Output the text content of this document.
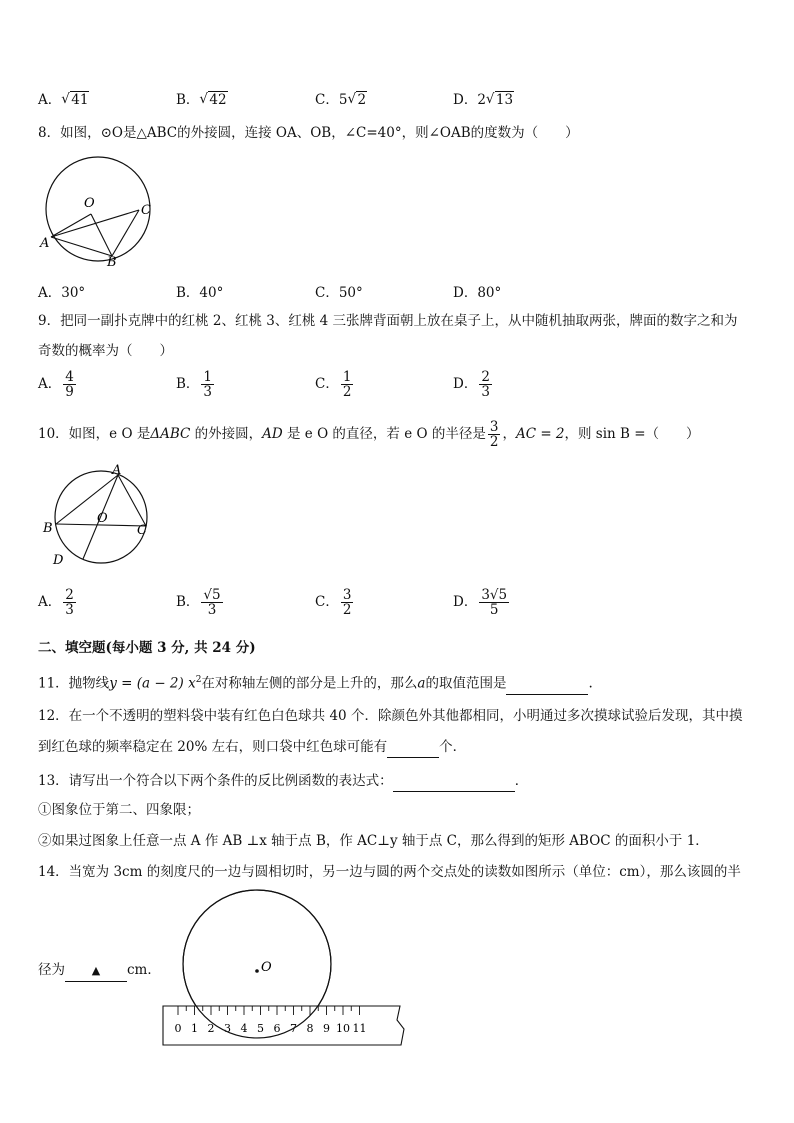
A． √ 41	B． √ 42	C．5 √ 2	D．2 √ 13
8．如图，⊙O是△ABC的外接圆，连接 OA、OB，∠C=40°，则∠OAB的度数为（　　）
O
A
B
C
A．30°	B．40°	C．50°	D．80°
9．把同一副扑克牌中的红桃 2、红桃 3、红桃 4 三张牌背面朝上放在桌子上，从中随机抽取两张，牌面的数字之和为
奇数的概率为（　　）
A． $\frac{4}{9}$	B． $\frac{1}{3}$	C． $\frac{1}{2}$	D． $\frac{2}{3}$
10．如图，e O 是ΔABC 的外接圆，AD 是 e O 的直径，若 e O 的半径是 $\frac{3}{2}$ ，AC = 2，则 sin B =（　　）
A
B	C
D
O
A． $\frac{2}{3}$	B． $\frac{√5}{3}$	C． $\frac{3}{2}$	D． $\frac{3√5}{5}$
二、填空题(每小题 3 分, 共 24 分)
11．抛物线y = (a − 2) $x^2$在对称轴左侧的部分是上升的，那么a的取值范围是	.
12．在一个不透明的塑料袋中装有红色白色球共 40 个．除颜色外其他都相同，小明通过多次摸球试验后发现，其中摸
到红色球的频率稳定在 20% 左右，则口袋中红色球可能有	个．
13．请写出一个符合以下两个条件的反比例函数的表达式：	．
①图象位于第二、四象限；
②如果过图象上任意一点 A 作 AB ⊥x 轴于点 B，作 AC⊥y 轴于点 C，那么得到的矩形 ABOC 的面积小于 1．
14．当宽为 3cm 的刻度尺的一边与圆相切时，另一边与圆的两个交点处的读数如图所示（单位：cm），那么该圆的半
径为 ▲ cm．	O
0 1 2 3 4 5 6 7 8 9 10 11
